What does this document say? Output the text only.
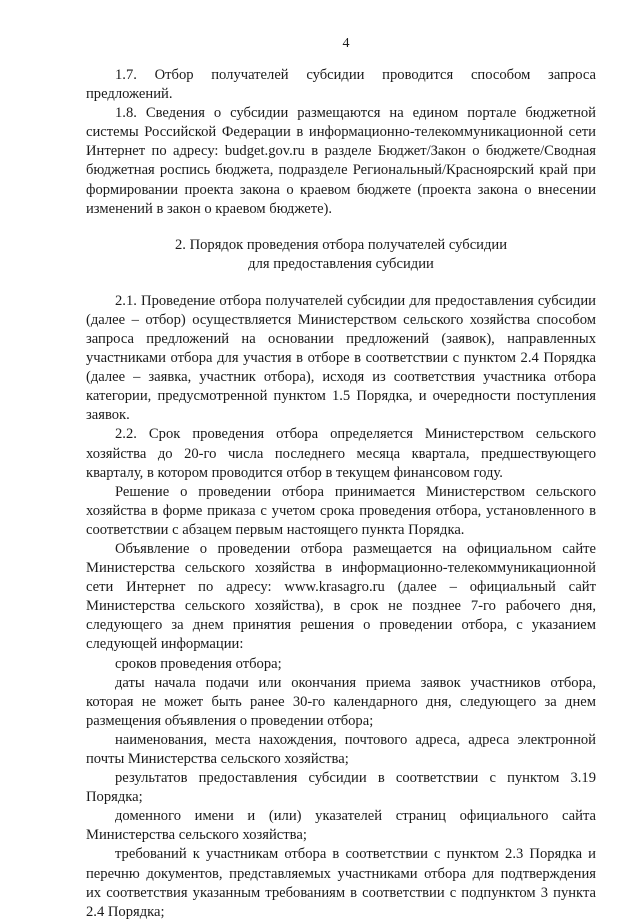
4

1.7. Отбор получателей субсидии проводится способом запроса предложений.

1.8. Сведения о субсидии размещаются на едином портале бюджетной системы Российской Федерации в информационно-телекоммуникационной сети Интернет по адресу: budget.gov.ru в разделе Бюджет/Закон о бюджете/Сводная бюджетная роспись бюджета, подразделе Региональный/Красноярский край при формировании проекта закона о краевом бюджете (проекта закона о внесении изменений в закон о краевом бюджете).

2. Порядок проведения отбора получателей субсидии
для предоставления субсидии

2.1. Проведение отбора получателей субсидии для предоставления субсидии (далее – отбор) осуществляется Министерством сельского хозяйства способом запроса предложений на основании предложений (заявок), направленных участниками отбора для участия в отборе в соответствии с пунктом 2.4 Порядка (далее – заявка, участник отбора), исходя из соответствия участника отбора категории, предусмотренной пунктом 1.5 Порядка, и очередности поступления заявок.

2.2. Срок проведения отбора определяется Министерством сельского хозяйства до 20-го числа последнего месяца квартала, предшествующего кварталу, в котором проводится отбор в текущем финансовом году.

Решение о проведении отбора принимается Министерством сельского хозяйства в форме приказа с учетом срока проведения отбора, установленного в соответствии с абзацем первым настоящего пункта Порядка.

Объявление о проведении отбора размещается на официальном сайте Министерства сельского хозяйства в информационно-телекоммуникационной сети Интернет по адресу: www.krasagro.ru (далее – официальный сайт Министерства сельского хозяйства), в срок не позднее 7-го рабочего дня, следующего за днем принятия решения о проведении отбора, с указанием следующей информации:

сроков проведения отбора;

даты начала подачи или окончания приема заявок участников отбора, которая не может быть ранее 30-го календарного дня, следующего за днем размещения объявления о проведении отбора;

наименования, места нахождения, почтового адреса, адреса электронной почты Министерства сельского хозяйства;

результатов предоставления субсидии в соответствии с пунктом 3.19 Порядка;

доменного имени и (или) указателей страниц официального сайта Министерства сельского хозяйства;

требований к участникам отбора в соответствии с пунктом 2.3 Порядка и перечню документов, представляемых участниками отбора для подтверждения их соответствия указанным требованиям в соответствии с подпунктом 3 пункта 2.4 Порядка;
